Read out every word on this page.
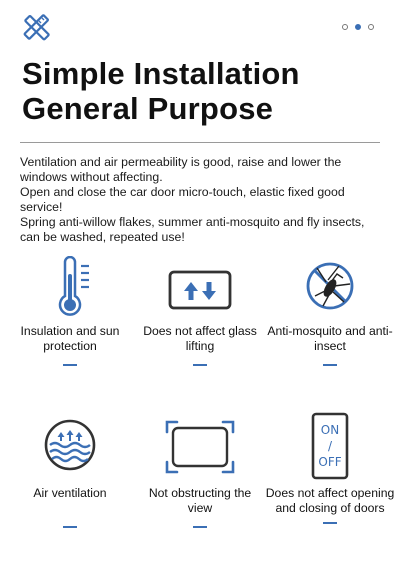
Simple Installation
General Purpose

Ventilation and air permeability is good, raise and lower the windows without affecting.

Open and close the car door micro-touch, elastic fixed good service!

Spring anti-willow flakes, summer anti-mosquito and fly insects, can be washed, repeated use!

Insulation and sun protection
Does not affect glass lifting
Anti-mosquito and anti-insect
Air ventilation	Not obstructing the view
ON
/
OFF
Does not affect opening and closing of doors
